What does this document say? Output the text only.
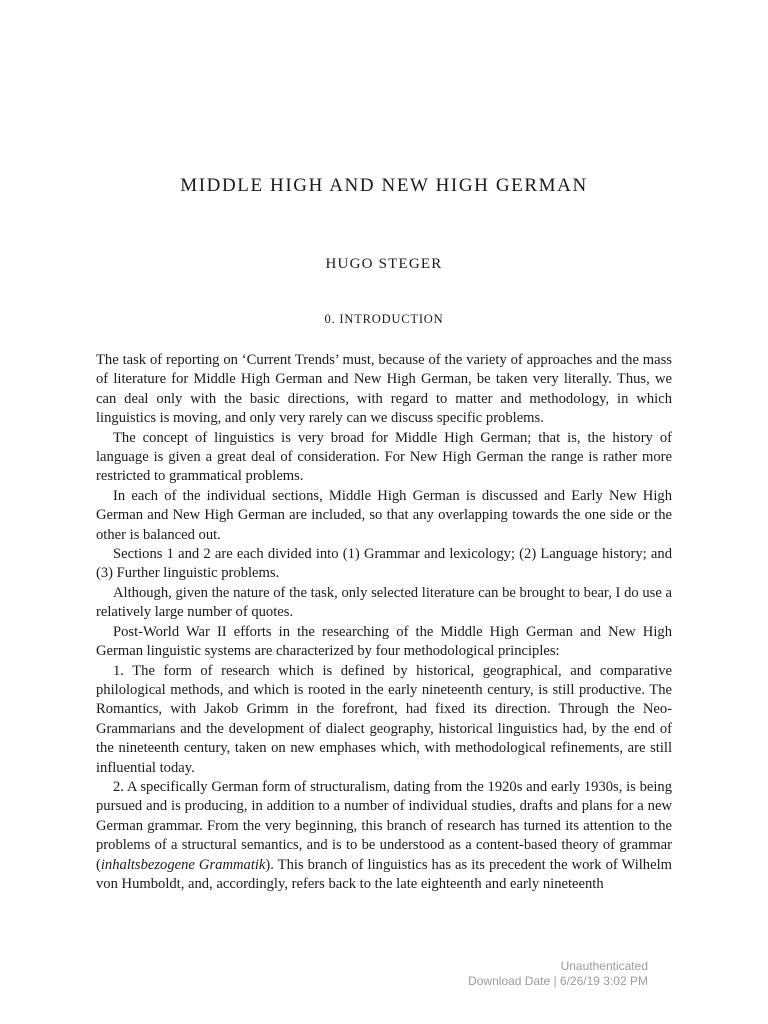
MIDDLE HIGH AND NEW HIGH GERMAN
HUGO STEGER
0. INTRODUCTION

The task of reporting on ‘Current Trends’ must, because of the variety of approaches and the mass of literature for Middle High German and New High German, be taken very literally. Thus, we can deal only with the basic directions, with regard to matter and methodology, in which linguistics is moving, and only very rarely can we discuss specific problems.

The concept of linguistics is very broad for Middle High German; that is, the history of language is given a great deal of consideration. For New High German the range is rather more restricted to grammatical problems.

In each of the individual sections, Middle High German is discussed and Early New High German and New High German are included, so that any overlapping towards the one side or the other is balanced out.

Sections 1 and 2 are each divided into (1) Grammar and lexicology; (2) Language history; and (3) Further linguistic problems.

Although, given the nature of the task, only selected literature can be brought to bear, I do use a relatively large number of quotes.

Post-World War II efforts in the researching of the Middle High German and New High German linguistic systems are characterized by four methodological principles:

1. The form of research which is defined by historical, geographical, and comparative philological methods, and which is rooted in the early nineteenth century, is still productive. The Romantics, with Jakob Grimm in the forefront, had fixed its direction. Through the Neo-Grammarians and the development of dialect geography, historical linguistics had, by the end of the nineteenth century, taken on new emphases which, with methodological refinements, are still influential today.

2. A specifically German form of structuralism, dating from the 1920s and early 1930s, is being pursued and is producing, in addition to a number of individual studies, drafts and plans for a new German grammar. From the very beginning, this branch of research has turned its attention to the problems of a structural semantics, and is to be understood as a content-based theory of grammar (inhaltsbezogene Grammatik). This branch of linguistics has as its precedent the work of Wilhelm von Humboldt, and, accordingly, refers back to the late eighteenth and early nineteenth

Unauthenticated
Download Date | 6/26/19 3:02 PM
